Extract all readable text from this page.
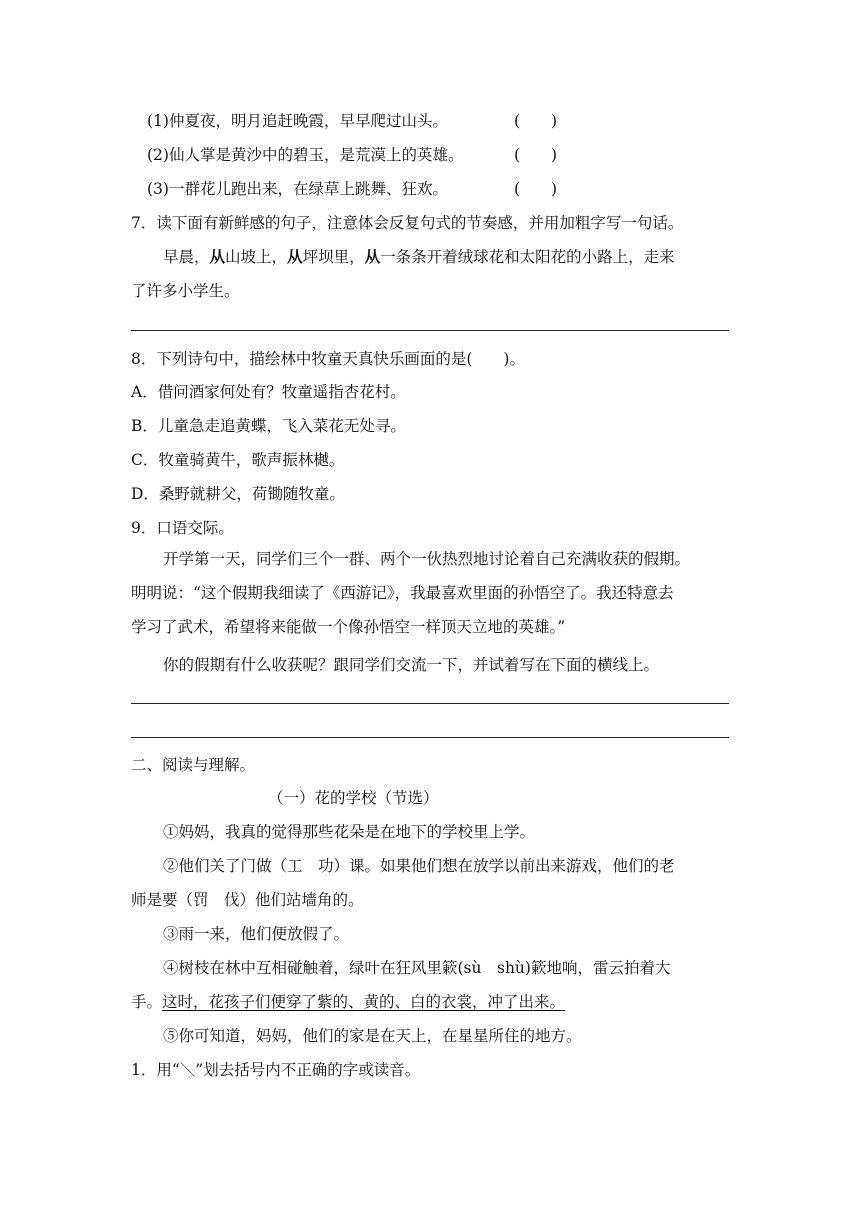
(1)仲夏夜，明月追赶晚霞，早早爬过山头。	(　　)
(2)仙人掌是黄沙中的碧玉，是荒漠上的英雄。	(　　)
(3)一群花儿跑出来，在绿草上跳舞、狂欢。	(　　)
7．读下面有新鲜感的句子，注意体会反复句式的节奏感，并用加粗字写一句话。
早晨，从山坡上，从坪坝里，从一条条开着绒球花和太阳花的小路上，走来
了许多小学生。
8．下列诗句中，描绘林中牧童天真快乐画面的是(　　)。
A．借问酒家何处有？牧童遥指杏花村。
B．儿童急走追黄蝶，飞入菜花无处寻。
C．牧童骑黄牛，歌声振林樾。
D．桑野就耕父，荷锄随牧童。
9．口语交际。
开学第一天，同学们三个一群、两个一伙热烈地讨论着自己充满收获的假期。
明明说：“这个假期我细读了《西游记》，我最喜欢里面的孙悟空了。我还特意去
学习了武术，希望将来能做一个像孙悟空一样顶天立地的英雄。”
你的假期有什么收获呢？跟同学们交流一下，并试着写在下面的横线上。
二、阅读与理解。
（一）花的学校（节选）
①妈妈，我真的觉得那些花朵是在地下的学校里上学。
②他们关了门做（工　功）课。如果他们想在放学以前出来游戏，他们的老
师是要（罚　伐）他们站墙角的。
③雨一来，他们便放假了。
④树枝在林中互相碰触着，绿叶在狂风里簌(sù　shù)簌地响，雷云拍着大
手。这时，花孩子们便穿了紫的、黄的、白的衣裳，冲了出来。
⑤你可知道，妈妈，他们的家是在天上，在星星所住的地方。
1．用“＼”划去括号内不正确的字或读音。
